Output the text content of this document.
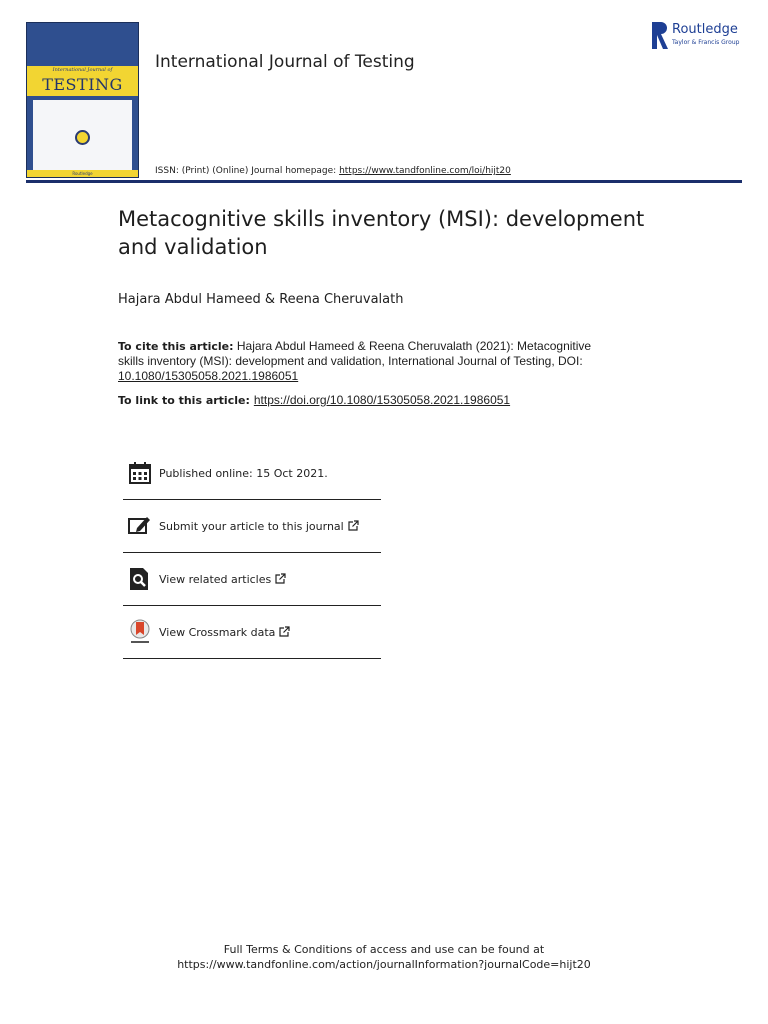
International Journal of
TESTING
Routledge
International Journal of Testing
Routledge
Taylor & Francis Group
ISSN: (Print) (Online) Journal homepage: https://www.tandfonline.com/loi/hijt20
Metacognitive skills inventory (MSI): development and validation
Hajara Abdul Hameed & Reena Cheruvalath
To cite this article: Hajara Abdul Hameed & Reena Cheruvalath (2021): Metacognitive skills inventory (MSI): development and validation, International Journal of Testing, DOI: 10.1080/15305058.2021.1986051
To link to this article: https://doi.org/10.1080/15305058.2021.1986051
Published online: 15 Oct 2021.
Submit your article to this journal
View related articles
View Crossmark data
Full Terms & Conditions of access and use can be found at
https://www.tandfonline.com/action/journalInformation?journalCode=hijt20
